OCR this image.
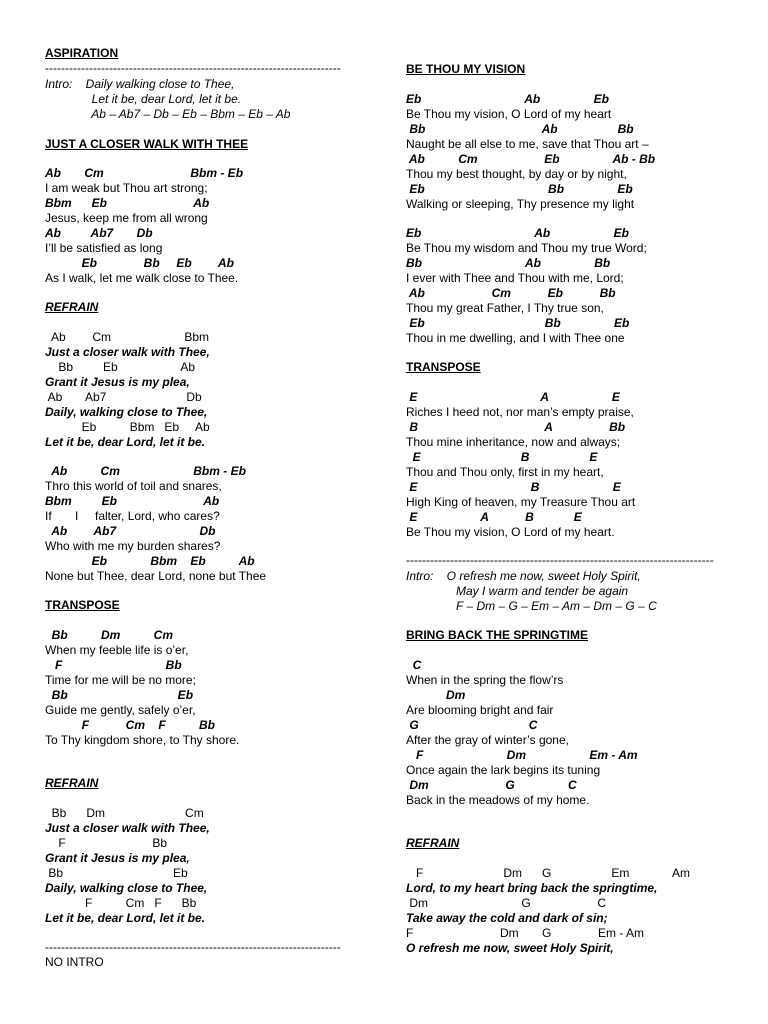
ASPIRATION
--------------------------------------------------------------------------
Intro:    Daily walking close to Thee,
Let it be, dear Lord, let it be.
Ab – Ab7 – Db – Eb – Bbm – Eb – Ab
JUST A CLOSER WALK WITH THEE
Ab       Cm                          Bbm - Eb
I am weak but Thou art strong;
Bbm      Eb                          Ab
Jesus, keep me from all wrong
Ab         Ab7       Db
I’ll be satisfied as long
Eb              Bb     Eb        Ab
As I walk, let me walk close to Thee.
REFRAIN
Ab        Cm                      Bbm
Just a closer walk with Thee,
Bb         Eb                   Ab
Grant it Jesus is my plea,
Ab       Ab7                        Db
Daily, walking close to Thee,
Eb          Bbm   Eb     Ab
Let it be, dear Lord, let it be.
Ab          Cm                      Bbm - Eb
Thro this world of toil and snares,
Bbm         Eb                          Ab
If       I     falter, Lord, who cares?
Ab        Ab7                         Db
Who with me my burden shares?
Eb             Bbm    Eb          Ab
None but Thee, dear Lord, none but Thee
TRANSPOSE
Bb          Dm          Cm
When my feeble life is o’er,
F                               Bb
Time for me will be no more;
Bb                                 Eb
Guide me gently, safely o’er,
F           Cm    F          Bb
To Thy kingdom shore, to Thy shore.
REFRAIN
Bb      Dm                        Cm
Just a closer walk with Thee,
F                          Bb
Grant it Jesus is my plea,
Bb                                 Eb
Daily, walking close to Thee,
F          Cm   F      Bb
Let it be, dear Lord, let it be.
--------------------------------------------------------------------------
NO INTRO
BE THOU MY VISION
Eb                               Ab                Eb
Be Thou my vision, O Lord of my heart
Bb                                   Ab                  Bb
Naught be all else to me, save that Thou art –
Ab          Cm                    Eb                Ab - Bb
Thou my best thought, by day or by night,
Eb                                     Bb                Eb
Walking or sleeping, Thy presence my light
Eb                                  Ab                   Eb
Be Thou my wisdom and Thou my true Word;
Bb                               Ab                Bb
I ever with Thee and Thou with me, Lord;
Ab                    Cm           Eb           Bb
Thou my great Father, I Thy true son,
Eb                                    Bb                Eb
Thou in me dwelling, and I with Thee one
TRANSPOSE
E                                     A                   E
Riches I heed not, nor man’s empty praise,
B                                      A                 Bb
Thou mine inheritance, now and always;
E                              B                  E
Thou and Thou only, first in my heart,
E                                  B                      E
High King of heaven, my Treasure Thou art
E                   A           B            E
Be Thou my vision, O Lord of my heart.
-----------------------------------------------------------------------------
Intro:    O refresh me now, sweet Holy Spirit,
May I warm and tender be again
F – Dm – G – Em – Am – Dm – G – C
BRING BACK THE SPRINGTIME
C
When in the spring the flow’rs
Dm
Are blooming bright and fair
G                                 C
After the gray of winter’s gone,
F                         Dm                   Em - Am
Once again the lark begins its tuning
Dm                       G                C
Back in the meadows of my home.
REFRAIN
F                        Dm      G                  Em             Am
Lord, to my heart bring back the springtime,
Dm                            G                    C
Take away the cold and dark of sin;
F                          Dm       G              Em - Am
O refresh me now, sweet Holy Spirit,
